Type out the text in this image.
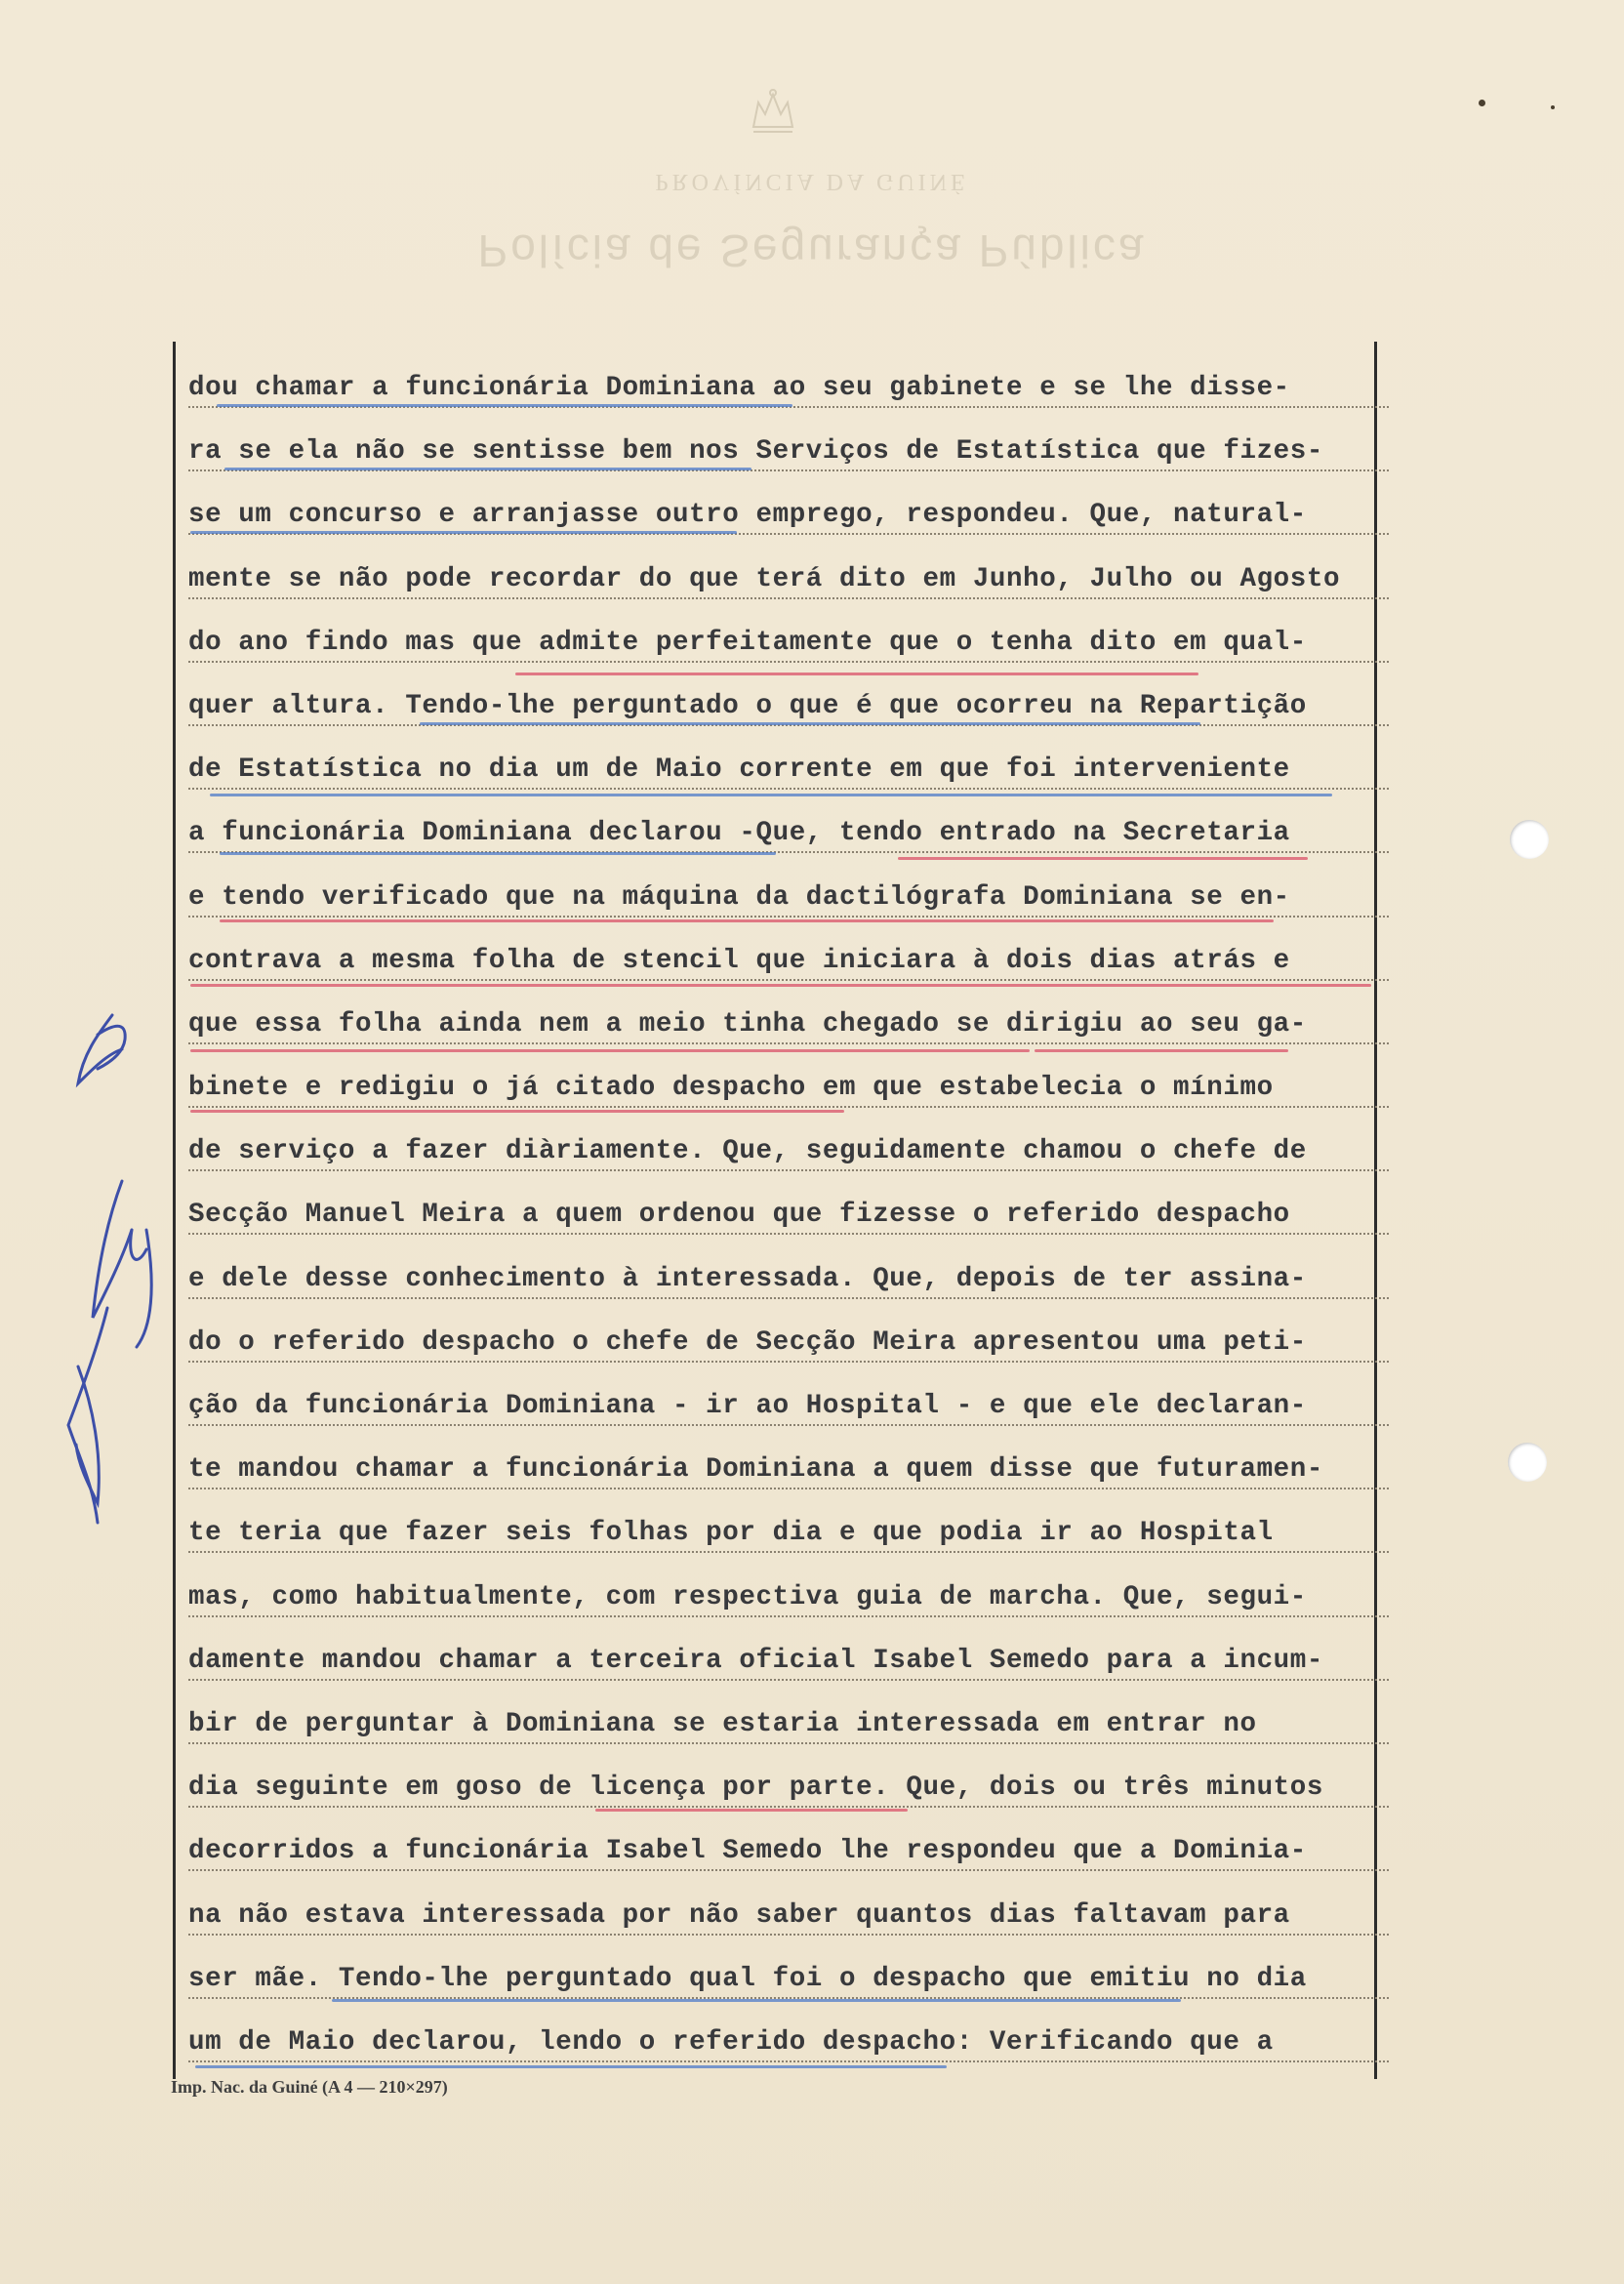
PROVÍNCIA DA GUINÉ
Polícia de Segurança Pública
dou chamar a funcionária Dominiana ao seu gabinete e se lhe disse-
ra se ela não se sentisse bem nos Serviços de Estatística que fizes-
se um concurso e arranjasse outro emprego, respondeu. Que, natural-
mente se não pode recordar do que terá dito em Junho, Julho ou Agosto
do ano findo mas que admite perfeitamente que o tenha dito em qual-
quer altura. Tendo-lhe perguntado o que é que ocorreu na Repartição
de Estatística no dia um de Maio corrente em que foi interveniente
a funcionária Dominiana declarou -Que, tendo entrado na Secretaria
e tendo verificado que na máquina da dactilógrafa Dominiana se en-
contrava a mesma folha de stencil que iniciara à dois dias atrás e
que essa folha ainda nem a meio tinha chegado se dirigiu ao seu ga-
binete e redigiu o já citado despacho em que estabelecia o mínimo
de serviço a fazer diàriamente. Que, seguidamente chamou o chefe de
Secção Manuel Meira a quem ordenou que fizesse o referido despacho
e dele desse conhecimento à interessada. Que, depois de ter assina-
do o referido despacho o chefe de Secção Meira apresentou uma peti-
ção da funcionária Dominiana - ir ao Hospital - e que ele declaran-
te mandou chamar a funcionária Dominiana a quem disse que futuramen-
te teria que fazer seis folhas por dia e que podia ir ao Hospital
mas, como habitualmente, com respectiva guia de marcha. Que, segui-
damente mandou chamar a terceira oficial Isabel Semedo para a incum-
bir de perguntar à Dominiana se estaria interessada em entrar no
dia seguinte em goso de licença por parte. Que, dois ou três minutos
decorridos a funcionária Isabel Semedo lhe respondeu que a Dominia-
na não estava interessada por não saber quantos dias faltavam para
ser mãe. Tendo-lhe perguntado qual foi o despacho que emitiu no dia
um de Maio declarou, lendo o referido despacho: Verificando que a
Imp. Nac. da Guiné (A 4 — 210×297)
